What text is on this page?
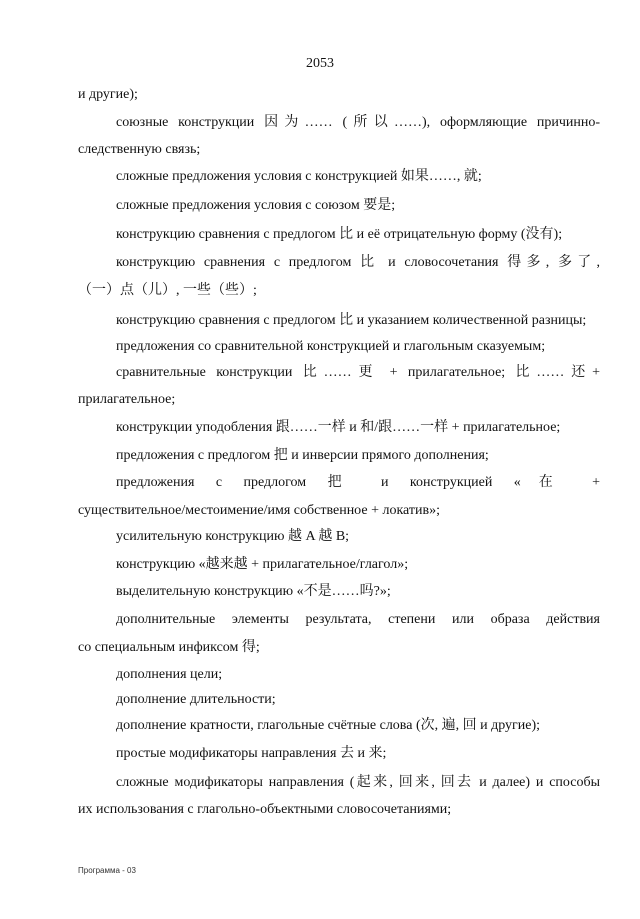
2053
и другие);
союзные конструкции 因为…… (所以……), оформляющие причинно-
следственную связь;
сложные предложения условия с конструкцией 如果……, 就;
сложные предложения условия с союзом 要是;
конструкцию сравнения с предлогом 比 и её отрицательную форму (没有);
конструкцию сравнения с предлогом 比 и словосочетания 得多, 多了,
（一）点（儿）, 一些（些）;
конструкцию сравнения с предлогом 比 и указанием количественной разницы;
предложения со сравнительной конструкцией и глагольным сказуемым;
сравнительные конструкции 比……更 + прилагательное; 比……还+
прилагательное;
конструкции уподобления 跟……一样 и 和/跟……一样 + прилагательное;
предложения с предлогом 把 и инверсии прямого дополнения;
предложения с предлогом 把 и конструкцией «在 +
существительное/местоимение/имя собственное + локатив»;
усилительную конструкцию 越 A 越 B;
конструкцию «越来越 + прилагательное/глагол»;
выделительную конструкцию «不是……吗?»;
дополнительные элементы результата, степени или образа действия
со специальным инфиксом 得;
дополнения цели;
дополнение длительности;
дополнение кратности, глагольные счётные слова (次, 遍, 回 и другие);
простые модификаторы направления 去 и 来;
сложные модификаторы направления (起来, 回来, 回去 и далее) и способы
их использования с глагольно-объектными словосочетаниями;
Программа - 03
